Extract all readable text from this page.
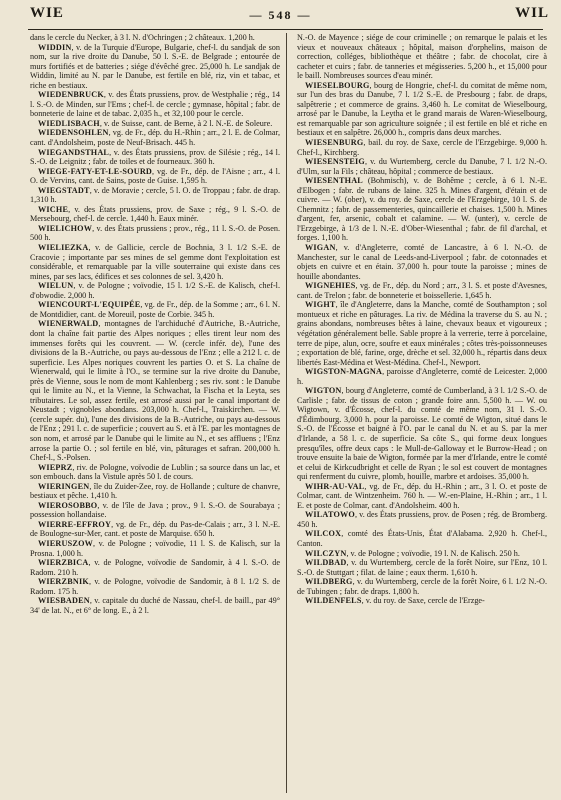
WIE	— 548 —	WIL

dans le cercle du Necker, à 3 l. N. d'Ochringen ; 2 châteaux. 1,200 h.

WIDDIN, v. de la Turquie d'Europe, Bulgarie, chef-l. du sandjak de son nom, sur la rive droite du Danube, 50 l. S.-E. de Belgrade ; entourée de murs fortifiés et de batteries ; siége d'évêché grec. 25,000 h. Le sandjak de Widdin, limité au N. par le Danube, est fertile en blé, riz, vin et tabac, et riche en bestiaux.

WIEDENBRUCK, v. des États prussiens, prov. de Westphalie ; rég., 14 l. S.-O. de Minden, sur l'Ems ; chef-l. de cercle ; gymnase, hôpital ; fabr. de bonneterie de laine et de tabac. 2,035 h., et 32,100 pour le cercle.

WIEDLISBACH, v. de Suisse, cant. de Berne, à 2 l. N.-E. de Soleure.

WIEDENSOHLEN, vg. de Fr., dép. du H.-Rhin ; arr., 2 l. E. de Colmar, cant. d'Andolsheim, poste de Neuf-Brisach. 445 h.

WIEGANDSTHAL, v. des États prussiens, prov. de Silésie ; rég., 14 l. S.-O. de Leignitz ; fabr. de toiles et de fourneaux. 360 h.

WIEGE-FATY-ET-LE-SOURD, vg. de Fr., dép. de l'Aisne ; arr., 4 l. O. de Vervins, cant. de Sains, poste de Guise. 1,595 h.

WIEGSTADT, v. de Moravie ; cercle, 5 l. O. de Troppau ; fabr. de drap. 1,310 h.

WICHE, v. des États prussiens, prov. de Saxe ; rég., 9 l. S.-O. de Mersebourg, chef-l. de cercle. 1,440 h. Eaux minér.

WIELICHOW, v. des États prussiens ; prov., rég., 11 l. S.-O. de Posen. 500 h.

WIELIEZKA, v. de Gallicie, cercle de Bochnia, 3 l. 1/2 S.-E. de Cracovie ; importante par ses mines de sel gemme dont l'exploitation est considérable, et remarquable par la ville souterraine qui existe dans ces mines, par ses lacs, édifices et ses colonnes de sel. 3,420 h.

WIELUN, v. de Pologne ; voïvodie, 15 l. 1/2 S.-E. de Kalisch, chef-l. d'obwodie. 2,000 h.

WIENCOURT-L'EQUIPÉE, vg. de Fr., dép. de la Somme ; arr., 6 l. N. de Montdidier, cant. de Moreuil, poste de Corbie. 345 h.

WIENERWALD, montagnes de l'archiduché d'Autriche, B.-Autriche, dont la chaîne fait partie des Alpes noriques ; elles tirent leur nom des immenses forêts qui les couvrent. — W. (cercle infér. de), l'une des divisions de la B.-Autriche, ou pays au-dessous de l'Enz ; elle a 212 l. c. de superficie. Les Alpes noriques couvrent les parties O. et S. La chaîne de Wienerwald, qui le limite à l'O., se termine sur la rive droite du Danube, près de Vienne, sous le nom de mont Kahlenberg ; ses riv. sont : le Danube qui le limite au N., et la Vienne, la Schwachat, la Fischa et la Leyta, ses tributaires. Le sol, assez fertile, est arrosé aussi par le canal important de Neustadt ; vignobles abondans. 203,000 h. Chef-l., Traiskirchen. — W. (cercle supér. du), l'une des divisions de la B.-Autriche, ou pays au-dessous de l'Enz ; 291 l. c. de superficie ; couvert au S. et à l'E. par les montagnes de son nom, et arrosé par le Danube qui le limite au N., et ses affluens ; l'Enz arrose la partie O. ; sol fertile en blé, vin, pâturages et safran. 200,000 h. Chef-l., S.-Polsen.

WIEPRZ, riv. de Pologne, voïvodie de Lublin ; sa source dans un lac, et son embouch. dans la Vistule après 50 l. de cours.

WIERINGEN, île du Zuider-Zee, roy. de Hollande ; culture de chanvre, bestiaux et pêche. 1,410 h.

WIEROSOBBO, v. de l'île de Java ; prov., 9 l. S.-O. de Sourabaya ; possession hollandaise.

WIERRE-EFFROY, vg. de Fr., dép. du Pas-de-Calais ; arr., 3 l. N.-E. de Boulogne-sur-Mer, cant. et poste de Marquise. 650 h.

WIERUSZOW, v. de Pologne ; voïvodie, 11 l. S. de Kalisch, sur la Prosna. 1,000 h.

WIERZBICA, v. de Pologne, voïvodie de Sandomir, à 4 l. S.-O. de Radom. 210 h.

WIERZBNIK, v. de Pologne, voïvodie de Sandomir, à 8 l. 1/2 S. de Radom. 175 h.

WIESBADEN, v. capitale du duché de Nassau, chef-l. de baill., par 49° 34' de lat. N., et 6° de long. E., à 2 l.

N.-O. de Mayence ; siége de cour criminelle ; on remarque le palais et les vieux et nouveaux châteaux ; hôpital, maison d'orphelins, maison de correction, colléges, bibliothèque et théâtre ; fabr. de chocolat, cire à cacheter et cuirs ; fabr. de tanneries et mégisseries. 5,200 h., et 15,000 pour le baill. Nombreuses sources d'eau minér.

WIESELBOURG, bourg de Hongrie, chef-l. du comitat de même nom, sur l'un des bras du Danube, 7 l. 1/2 S.-E. de Presbourg ; fabr. de draps, salpêtrerie ; et commerce de grains. 3,460 h. Le comitat de Wieselbourg, arrosé par le Danube, la Leytha et le grand marais de Waren-Wieselbourg, est remarquable par son agriculture soignée ; il est fertile en blé et riche en bestiaux et en salpêtre. 26,000 h., compris dans deux marches.

WIESENBURG, bail. du roy. de Saxe, cercle de l'Erzgebirge. 9,000 h. Chef-l., Kirchberg.

WIESENSTEIG, v. du Wurtemberg, cercle du Danube, 7 l. 1/2 N.-O. d'Ulm, sur la Fils ; château, hôpital ; commerce de bestiaux.

WIESENTHAL (Bohmisch), v. de Bohême ; cercle, à 6 l. N.-E. d'Elbogen ; fabr. de rubans de laine. 325 h. Mines d'argent, d'étain et de cuivre. — W. (ober), v. du roy. de Saxe, cercle de l'Erzgebirge, 10 l. S. de Chemnitz ; fabr. de passementeries, quincaillerie et chaises. 1,500 h. Mines d'argent, fer, arsenic, cobalt et calamine. — W. (unter), v. cercle de l'Erzgebirge, à 1/3 de l. N.-E. d'Ober-Wiesenthal ; fabr. de fil d'archal, et forges. 1,100 h.

WIGAN, v. d'Angleterre, comté de Lancastre, à 6 l. N.-O. de Manchester, sur le canal de Leeds-and-Liverpool ; fabr. de cotonnades et objets en cuivre et en étain. 37,000 h. pour toute la paroisse ; mines de houille abondantes.

WIGNEHIES, vg. de Fr., dép. du Nord ; arr., 3 l. S. et poste d'Avesnes, cant. de Trelon ; fabr. de bonneterie et boissellerie. 1,645 h.

WIGHT, île d'Angleterre, dans la Manche, comté de Southampton ; sol montueux et riche en pâturages. La riv. de Médina la traverse du S. au N. ; grains abondans, nombreuses bêtes à laine, chevaux beaux et vigoureux ; végétation généralement belle. Sable propre à la verrerie, terre à porcelaine, terre de pipe, alun, ocre, soufre et eaux minérales ; côtes très-poissonneuses ; exportation de blé, farine, orge, drèche et sel. 32,000 h., répartis dans deux libertés East-Médina et West-Médina. Chef-l., Newport.

WIGSTON-MAGNA, paroisse d'Angleterre, comté de Leicester. 2,000 h.

WIGTON, bourg d'Angleterre, comté de Cumberland, à 3 l. 1/2 S.-O. de Carlisle ; fabr. de tissus de coton ; grande foire ann. 5,500 h. — W. ou Wigtown, v. d'Écosse, chef-l. du comté de même nom, 31 l. S.-O. d'Édimbourg. 3,000 h. pour la paroisse. Le comté de Wigton, situé dans le S.-O. de l'Écosse et baigné à l'O. par le canal du N. et au S. par la mer d'Irlande, a 58 l. c. de superficie. Sa côte S., qui forme deux longues presqu'îles, offre deux caps : le Mull-de-Galloway et le Burrow-Head ; on trouve ensuite la baie de Wigton, formée par la mer d'Irlande, entre le comté et celui de Kirkcudbright et celle de Ryan ; le sol est couvert de montagnes qui renferment du cuivre, plomb, houille, marbre et ardoises. 35,000 h.

WIHR-AU-VAL, vg. de Fr., dép. du H.-Rhin ; arr., 3 l. O. et poste de Colmar, cant. de Wintzenheim. 760 h. — W.-en-Plaine, H.-Rhin ; arr., 1 l. E. et poste de Colmar, cant. d'Andolsheim. 400 h.

WILATOWO, v. des États prussiens, prov. de Posen ; rég. de Bromberg. 450 h.

WILCOX, comté des États-Unis, État d'Alabama. 2,920 h. Chef-l., Canton.

WILCZYN, v. de Pologne ; voïvodie, 19 l. N. de Kalisch. 250 h.

WILDBAD, v. du Wurtemberg, cercle de la forêt Noire, sur l'Enz, 10 l. S.-O. de Stuttgart ; filat. de laine ; eaux therm. 1,610 h.

WILDBERG, v. du Wurtemberg, cercle de la forêt Noire, 6 l. 1/2 N.-O. de Tubingen ; fabr. de draps. 1,800 h.

WILDENFELS, v. du roy. de Saxe, cercle de l'Erzge-
